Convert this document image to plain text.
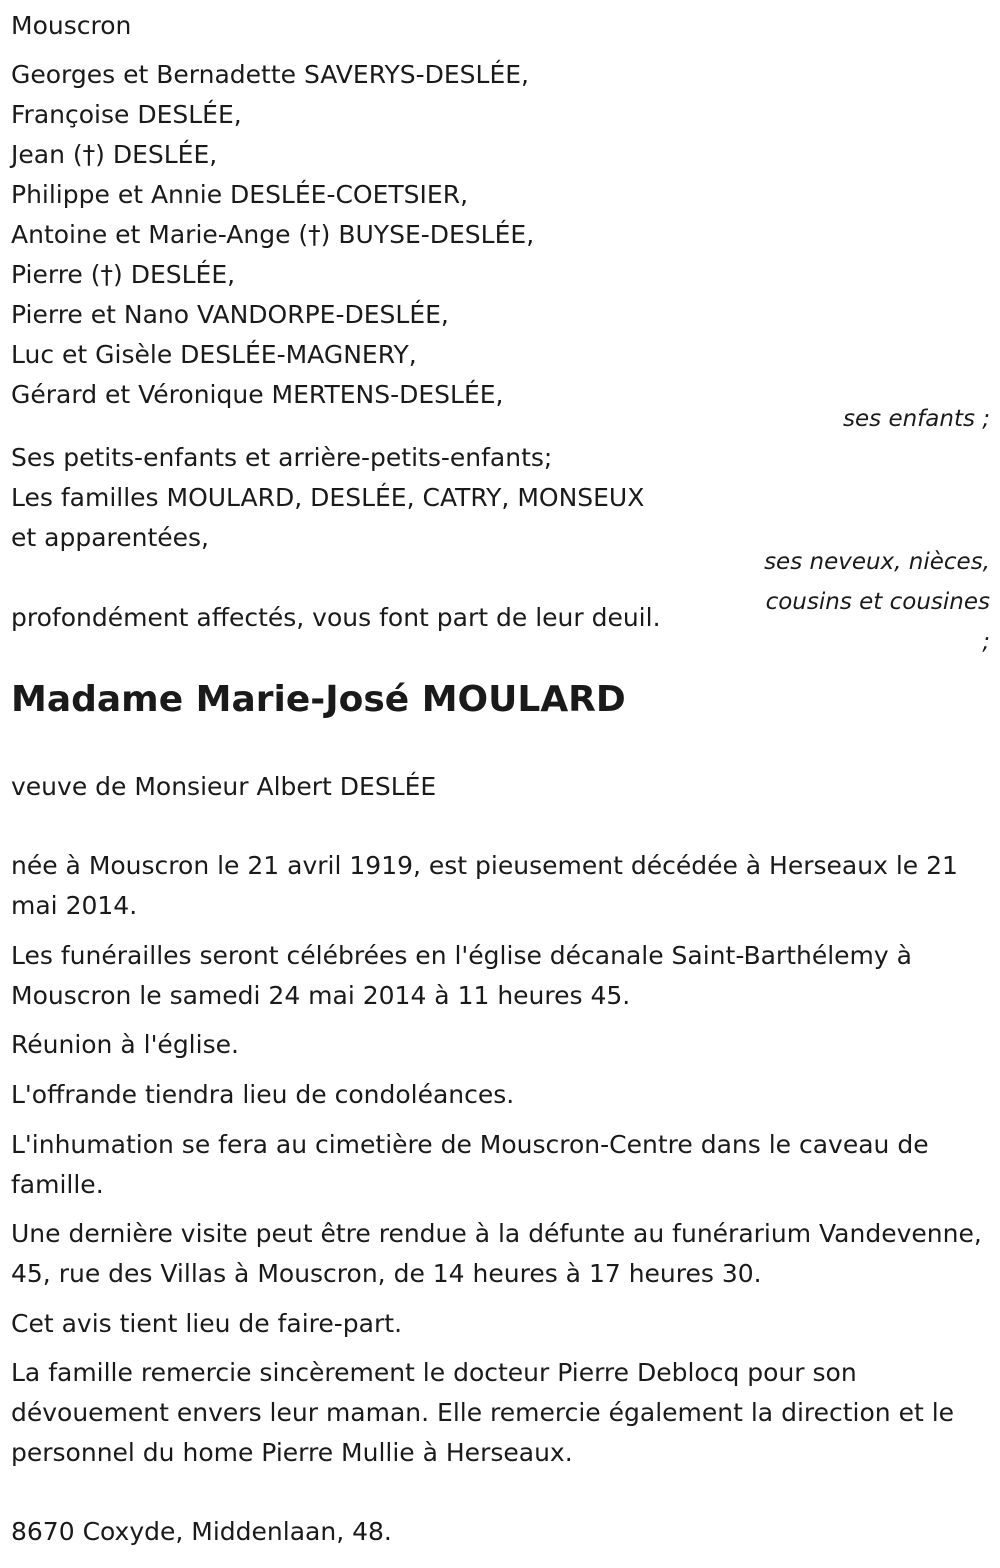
Mouscron
Georges et Bernadette SAVERYS-DESLÉE,
Françoise DESLÉE,
Jean (†) DESLÉE,
Philippe et Annie DESLÉE-COETSIER,
Antoine et Marie-Ange (†) BUYSE-DESLÉE,
Pierre (†) DESLÉE,
Pierre et Nano VANDORPE-DESLÉE,
Luc et Gisèle DESLÉE-MAGNERY,
Gérard et Véronique MERTENS-DESLÉE,
ses enfants ;
Ses petits-enfants et arrière-petits-enfants;
Les familles MOULARD, DESLÉE, CATRY, MONSEUX
et apparentées,
ses neveux, nièces,
cousins et cousines
;
profondément affectés, vous font part de leur deuil.
Madame Marie-José MOULARD
veuve de Monsieur Albert DESLÉE
née à Mouscron le 21 avril 1919, est pieusement décédée à Herseaux le 21 mai 2014.
Les funérailles seront célébrées en l'église décanale Saint-Barthélemy à Mouscron le samedi 24 mai 2014 à 11 heures 45.
Réunion à l'église.
L'offrande tiendra lieu de condoléances.
L'inhumation se fera au cimetière de Mouscron-Centre dans le caveau de famille.
Une dernière visite peut être rendue à la défunte au funérarium Vandevenne, 45, rue des Villas à Mouscron, de 14 heures à 17 heures 30.
Cet avis tient lieu de faire-part.
La famille remercie sincèrement le docteur Pierre Deblocq pour son dévouement envers leur maman. Elle remercie également la direction et le personnel du home Pierre Mullie à Herseaux.
8670 Coxyde, Middenlaan, 48.
